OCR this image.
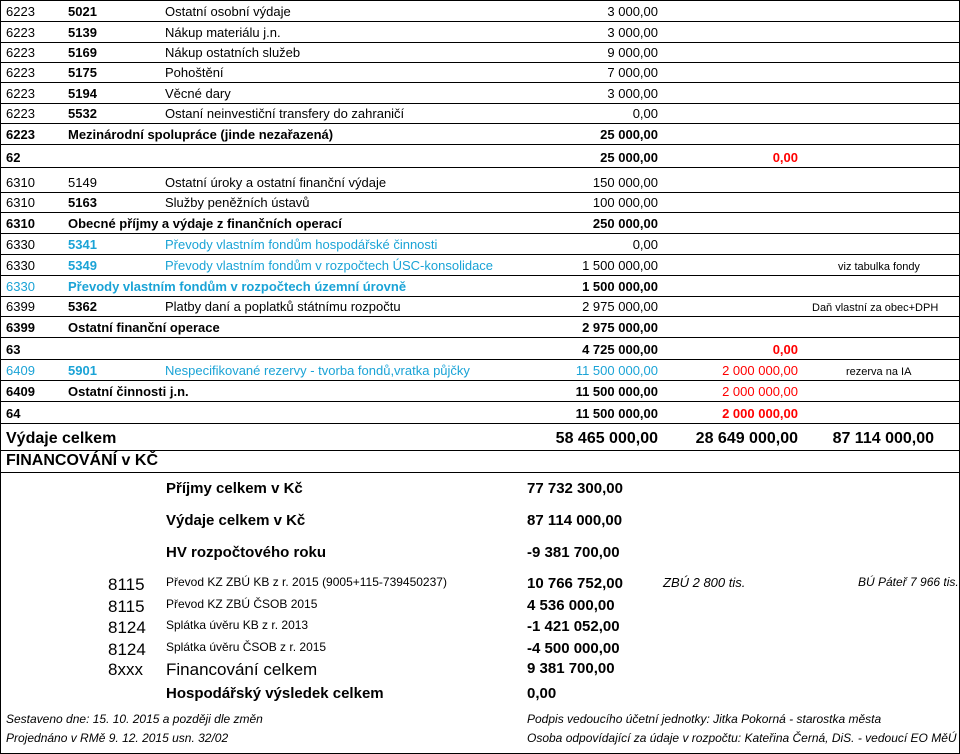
6223	5021	Ostatní osobní výdaje	3 000,00
6223	5139	Nákup materiálu j.n.	3 000,00
6223	5169	Nákup ostatních služeb	9 000,00
6223	5175	Pohoštění	7 000,00
6223	5194	Věcné dary	3 000,00
6223	5532	Ostaní neinvestiční transfery do zahraničí	0,00
6223	Mezinárodní spolupráce (jinde nezařazená)	25 000,00
62	25 000,00	0,00
6310	5149	Ostatní úroky a ostatní finanční výdaje	150 000,00
6310	5163	Služby peněžních ústavů	100 000,00
6310	Obecné příjmy a výdaje z finančních operací	250 000,00
6330	5341	Převody vlastním fondům hospodářské činnosti	0,00
6330	5349	Převody vlastním fondům v rozpočtech ÚSC-konsolidace	1 500 000,00	viz tabulka fondy
6330	Převody vlastním fondům v rozpočtech územní úrovně	1 500 000,00
6399	5362	Platby daní a poplatků státnímu rozpočtu	2 975 000,00	Daň vlastní za obec+DPH
6399	Ostatní finanční operace	2 975 000,00
63	4 725 000,00	0,00
6409	5901	Nespecifikované rezervy - tvorba fondů,vratka půjčky	11 500 000,00	2 000 000,00	rezerva na IA
6409	Ostatní činnosti j.n.	11 500 000,00	2 000 000,00
64	11 500 000,00	2 000 000,00
Výdaje celkem	58 465 000,00	28 649 000,00	87 114 000,00
FINANCOVÁNÍ v KČ
Příjmy celkem v Kč	77 732 300,00
Výdaje celkem v Kč	87 114 000,00
HV rozpočtového roku	-9 381 700,00
8115 Převod KZ ZBÚ KB z r. 2015 (9005+115-739450237)	10 766 752,00	ZBÚ 2 800 tis.	BÚ Páteř 7 966 tis.
8115 Převod KZ ZBÚ ČSOB 2015	4 536 000,00
8124 Splátka úvěru KB z r. 2013	-1 421 052,00
8124 Splátka úvěru ČSOB z r. 2015	-4 500 000,00
8xxx Financování celkem	9 381 700,00
Hospodářský výsledek celkem	0,00
Sestaveno dne: 15. 10. 2015 a později dle změn
Projednáno v RMě 9. 12. 2015 usn. 32/02
Podpis vedoucího účetní jednotky: Jitka Pokorná - starostka města
Osoba odpovídající za údaje v rozpočtu: Kateřina Černá, DiS. - vedoucí EO MěÚ
